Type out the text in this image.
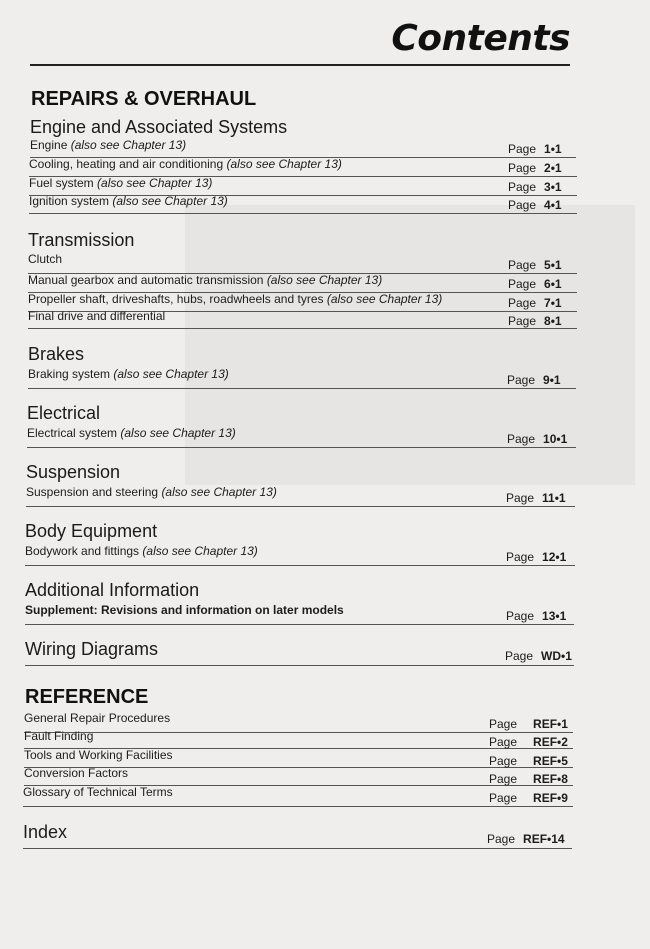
Contents
REPAIRS & OVERHAUL
Engine and Associated Systems
Engine (also see Chapter 13)	Page 1•1
Cooling, heating and air conditioning (also see Chapter 13)	Page 2•1
Fuel system (also see Chapter 13)	Page 3•1
Ignition system (also see Chapter 13)	Page 4•1
Transmission
Clutch	Page 5•1
Manual gearbox and automatic transmission (also see Chapter 13)	Page 6•1
Propeller shaft, driveshafts, hubs, roadwheels and tyres (also see Chapter 13)	Page 7•1
Final drive and differential	Page 8•1
Brakes
Braking system (also see Chapter 13)	Page 9•1
Electrical
Electrical system (also see Chapter 13)	Page 10•1
Suspension
Suspension and steering (also see Chapter 13)	Page 11•1
Body Equipment
Bodywork and fittings (also see Chapter 13)	Page 12•1
Additional Information
Supplement: Revisions and information on later models	Page 13•1
Wiring Diagrams	Page WD•1
REFERENCE
General Repair Procedures	Page REF•1
Fault Finding	Page REF•2
Tools and Working Facilities	Page REF•5
Conversion Factors	Page REF•8
Glossary of Technical Terms	Page REF•9
Index	Page REF•14
